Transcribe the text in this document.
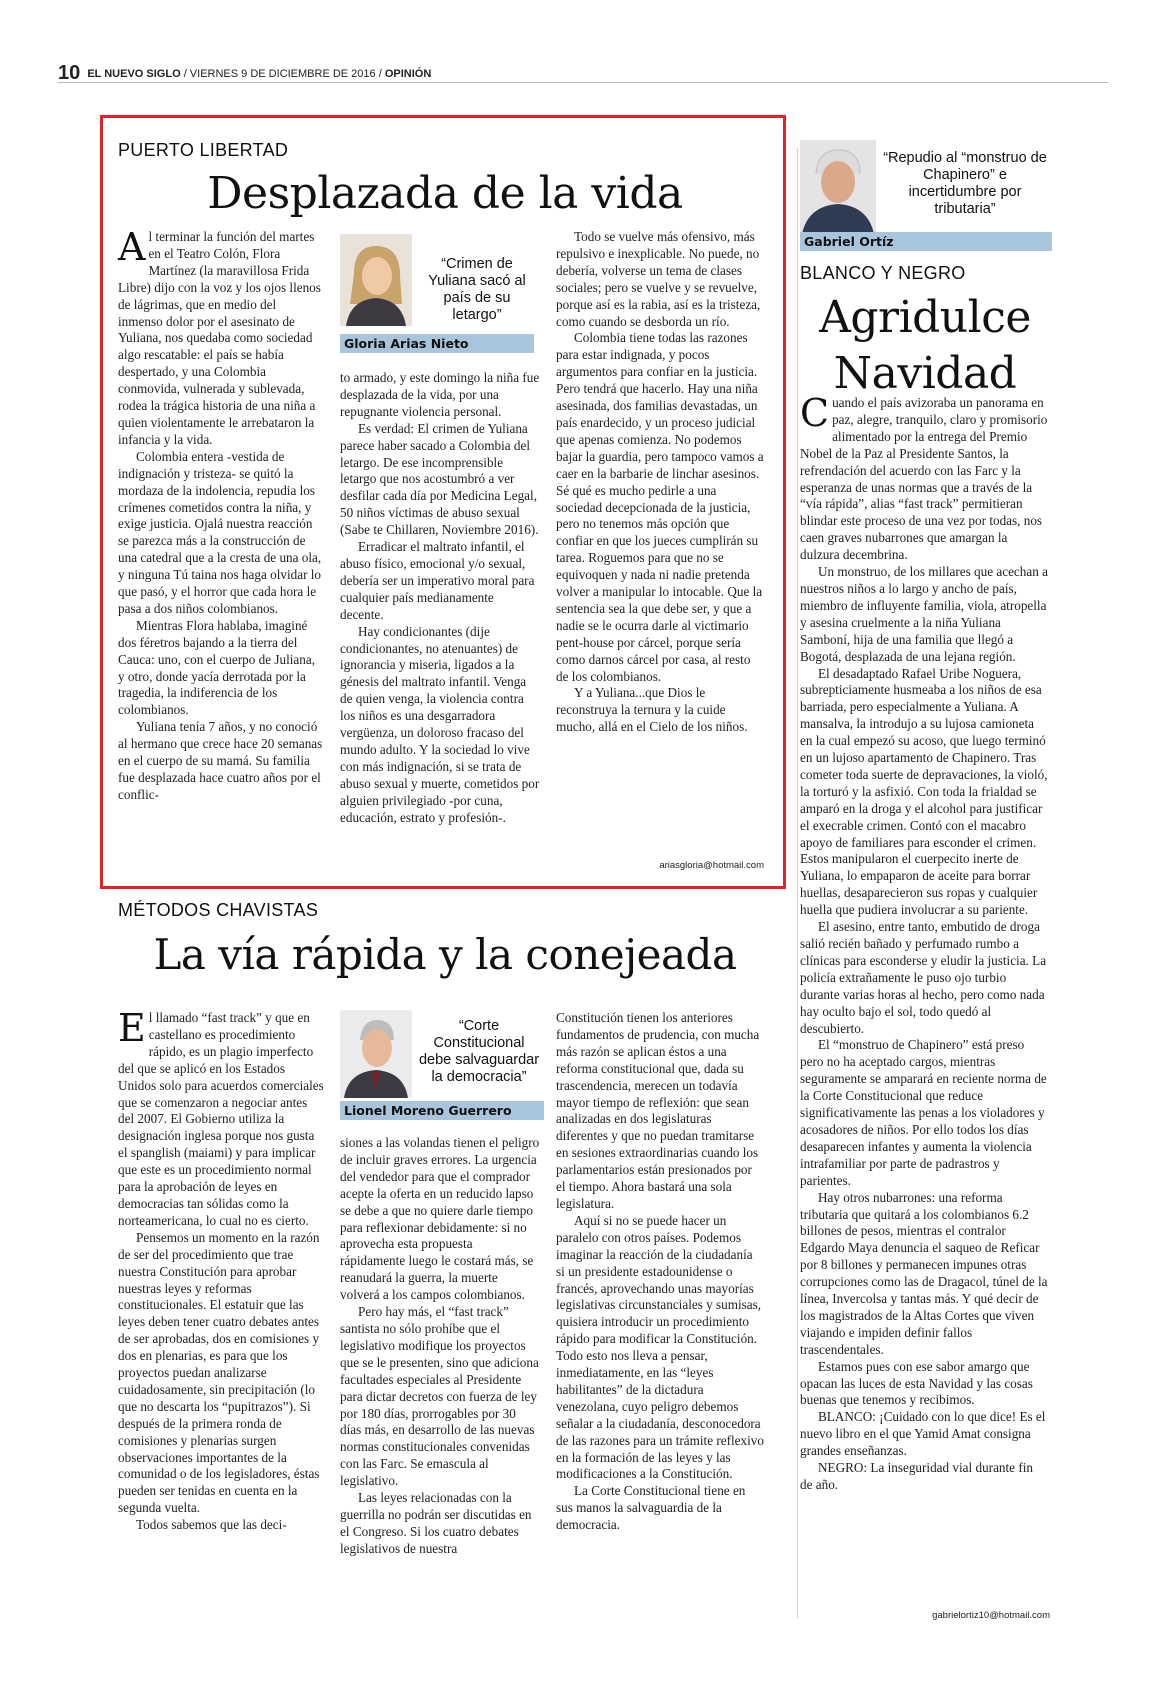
10 EL NUEVO SIGLO / VIERNES 9 DE DICIEMBRE DE 2016 / OPINIÓN
PUERTO LIBERTAD
Desplazada de la vida

Al terminar la función del martes en el Teatro Colón, Flora Martínez (la maravillosa Frida Libre) dijo con la voz y los ojos llenos de lágrimas, que en medio del inmenso dolor por el asesinato de Yuliana, nos quedaba como sociedad algo rescatable: el país se había despertado, y una Colombia conmovida, vulnerada y sublevada, rodea la trágica historia de una niña a quien violentamente le arrebataron la infancia y la vida.

Colombia entera -vestida de indignación y tristeza- se quitó la mordaza de la indolencia, repudia los crímenes cometidos contra la niña, y exige justicia. Ojalá nuestra reacción se parezca más a la construcción de una catedral que a la cresta de una ola, y ninguna Tú taina nos haga olvidar lo que pasó, y el horror que cada hora le pasa a dos niños colombianos.

Mientras Flora hablaba, imaginé dos féretros bajando a la tierra del Cauca: uno, con el cuerpo de Juliana, y otro, donde yacía derrotada por la tragedia, la indiferencia de los colombianos.

Yuliana tenía 7 años, y no conoció al hermano que crece hace 20 semanas en el cuerpo de su mamá. Su familia fue desplazada hace cuatro años por el conflic-

“Crimen de Yuliana sacó al país de su letargo”
Gloria Arias Nieto

to armado, y este domingo la niña fue desplazada de la vida, por una repugnante violencia personal.

Es verdad: El crimen de Yuliana parece haber sacado a Colombia del letargo. De ese incomprensible letargo que nos acostumbró a ver desfilar cada día por Medicina Legal, 50 niños víctimas de abuso sexual (Sabe te Chillaren, Noviembre 2016).

Erradicar el maltrato infantil, el abuso físico, emocional y/o sexual, debería ser un imperativo moral para cualquier país medianamente decente.

Hay condicionantes (dije condicionantes, no atenuantes) de ignorancia y miseria, ligados a la génesis del maltrato infantil. Venga de quien venga, la violencia contra los niños es una desgarradora vergüenza, un doloroso fracaso del mundo adulto. Y la sociedad lo vive con más indignación, si se trata de abuso sexual y muerte, cometidos por alguien privilegiado -por cuna, educación, estrato y profesión-.

Todo se vuelve más ofensivo, más repulsivo e inexplicable. No puede, no debería, volverse un tema de clases sociales; pero se vuelve y se revuelve, porque así es la rabia, así es la tristeza, como cuando se desborda un río.

Colombia tiene todas las razones para estar indignada, y pocos argumentos para confiar en la justicia. Pero tendrá que hacerlo. Hay una niña asesinada, dos familias devastadas, un país enardecido, y un proceso judicial que apenas comienza. No podemos bajar la guardia, pero tampoco vamos a caer en la barbarie de linchar asesinos. Sé qué es mucho pedirle a una sociedad decepcionada de la justicia, pero no tenemos más opción que confiar en que los jueces cumplirán su tarea. Roguemos para que no se equivoquen y nada ni nadie pretenda volver a manipular lo intocable. Que la sentencia sea la que debe ser, y que a nadie se le ocurra darle al victimario pent-house por cárcel, porque sería como darnos cárcel por casa, al resto de los colombianos.

Y a Yuliana...que Dios le reconstruya la ternura y la cuide mucho, allá en el Cielo de los niños.

ariasgloria@hotmail.com
MÉTODOS CHAVISTAS
La vía rápida y la conejeada

El llamado “fast track” y que en castellano es procedimiento rápido, es un plagio imperfecto del que se aplicó en los Estados Unidos solo para acuerdos comerciales que se comenzaron a negociar antes del 2007. El Gobierno utiliza la designación inglesa porque nos gusta el spanglish (maiami) y para implicar que este es un procedimiento normal para la aprobación de leyes en democracias tan sólidas como la norteamericana, lo cual no es cierto.

Pensemos un momento en la razón de ser del procedimiento que trae nuestra Constitución para aprobar nuestras leyes y reformas constitucionales. El estatuir que las leyes deben tener cuatro debates antes de ser aprobadas, dos en comisiones y dos en plenarias, es para que los proyectos puedan analizarse cuidadosamente, sin precipitación (lo que no descarta los “pupitrazos”). Si después de la primera ronda de comisiones y plenarias surgen observaciones importantes de la comunidad o de los legisladores, éstas pueden ser tenidas en cuenta en la segunda vuelta.

Todos sabemos que las deci-

“Corte Constitucional debe salvaguardar la democracia”
Lionel Moreno Guerrero

siones a las volandas tienen el peligro de incluir graves errores. La urgencia del vendedor para que el comprador acepte la oferta en un reducido lapso se debe a que no quiere darle tiempo para reflexionar debidamente: si no aprovecha esta propuesta rápidamente luego le costará más, se reanudará la guerra, la muerte volverá a los campos colombianos.

Pero hay más, el “fast track” santista no sólo prohíbe que el legislativo modifique los proyectos que se le presenten, sino que adiciona facultades especiales al Presidente para dictar decretos con fuerza de ley por 180 días, prorrogables por 30 días más, en desarrollo de las nuevas normas constitucionales convenidas con las Farc. Se emascula al legislativo.

Las leyes relacionadas con la guerrilla no podrán ser discutidas en el Congreso. Si los cuatro debates legislativos de nuestra

Constitución tienen los anteriores fundamentos de prudencia, con mucha más razón se aplican éstos a una reforma constitucional que, dada su trascendencia, merecen un todavía mayor tiempo de reflexión: que sean analizadas en dos legislaturas diferentes y que no puedan tramitarse en sesiones extraordinarias cuando los parlamentarios están presionados por el tiempo. Ahora bastará una sola legislatura.

Aquí si no se puede hacer un paralelo con otros países. Podemos imaginar la reacción de la ciudadanía si un presidente estadounidense o francés, aprovechando unas mayorías legislativas circunstanciales y sumisas, quisiera introducir un procedimiento rápido para modificar la Constitución. Todo esto nos lleva a pensar, inmediatamente, en las “leyes habilitantes” de la dictadura venezolana, cuyo peligro debemos señalar a la ciudadanía, desconocedora de las razones para un trámite reflexivo en la formación de las leyes y las modificaciones a la Constitución.

La Corte Constitucional tiene en sus manos la salvaguardia de la democracia.

“Repudio al “monstruo de Chapinero” e incertidumbre por tributaria”
Gabriel Ortíz
BLANCO Y NEGRO
Agridulce Navidad

Cuando el país avizoraba un panorama en paz, alegre, tranquilo, claro y promisorio alimentado por la entrega del Premio Nobel de la Paz al Presidente Santos, la refrendación del acuerdo con las Farc y la esperanza de unas normas que a través de la “vía rápida”, alias “fast track” permitieran blindar este proceso de una vez por todas, nos caen graves nubarrones que amargan la dulzura decembrina.

Un monstruo, de los millares que acechan a nuestros niños a lo largo y ancho de país, miembro de influyente familia, viola, atropella y asesina cruelmente a la niña Yuliana Samboní, hija de una familia que llegó a Bogotá, desplazada de una lejana región.

El desadaptado Rafael Uribe Noguera, subrepticiamente husmeaba a los niños de esa barriada, pero especialmente a Yuliana. A mansalva, la introdujo a su lujosa camioneta en la cual empezó su acoso, que luego terminó en un lujoso apartamento de Chapinero. Tras cometer toda suerte de depravaciones, la violó, la torturó y la asfixió. Con toda la frialdad se amparó en la droga y el alcohol para justificar el execrable crimen. Contó con el macabro apoyo de familiares para esconder el crimen. Estos manipularon el cuerpecito inerte de Yuliana, lo empaparon de aceite para borrar huellas, desaparecieron sus ropas y cualquier huella que pudiera involucrar a su pariente.

El asesino, entre tanto, embutido de droga salió recién bañado y perfumado rumbo a clínicas para esconderse y eludir la justicia. La policía extrañamente le puso ojo turbio durante varias horas al hecho, pero como nada hay oculto bajo el sol, todo quedó al descubierto.

El “monstruo de Chapinero” está preso pero no ha aceptado cargos, mientras seguramente se amparará en reciente norma de la Corte Constitucional que reduce significativamente las penas a los violadores y acosadores de niños. Por ello todos los días desaparecen infantes y aumenta la violencia intrafamiliar por parte de padrastros y parientes.

Hay otros nubarrones: una reforma tributaria que quitará a los colombianos 6.2 billones de pesos, mientras el contralor Edgardo Maya denuncia el saqueo de Reficar por 8 billones y permanecen impunes otras corrupciones como las de Dragacol, túnel de la línea, Invercolsa y tantas más. Y qué decir de los magistrados de la Altas Cortes que viven viajando e impiden definir fallos trascendentales.

Estamos pues con ese sabor amargo que opacan las luces de esta Navidad y las cosas buenas que tenemos y recibimos.

BLANCO: ¡Cuidado con lo que dice! Es el nuevo libro en el que Yamid Amat consigna grandes enseñanzas.

NEGRO: La inseguridad vial durante fin de año.

gabrielortiz10@hotmail.com
